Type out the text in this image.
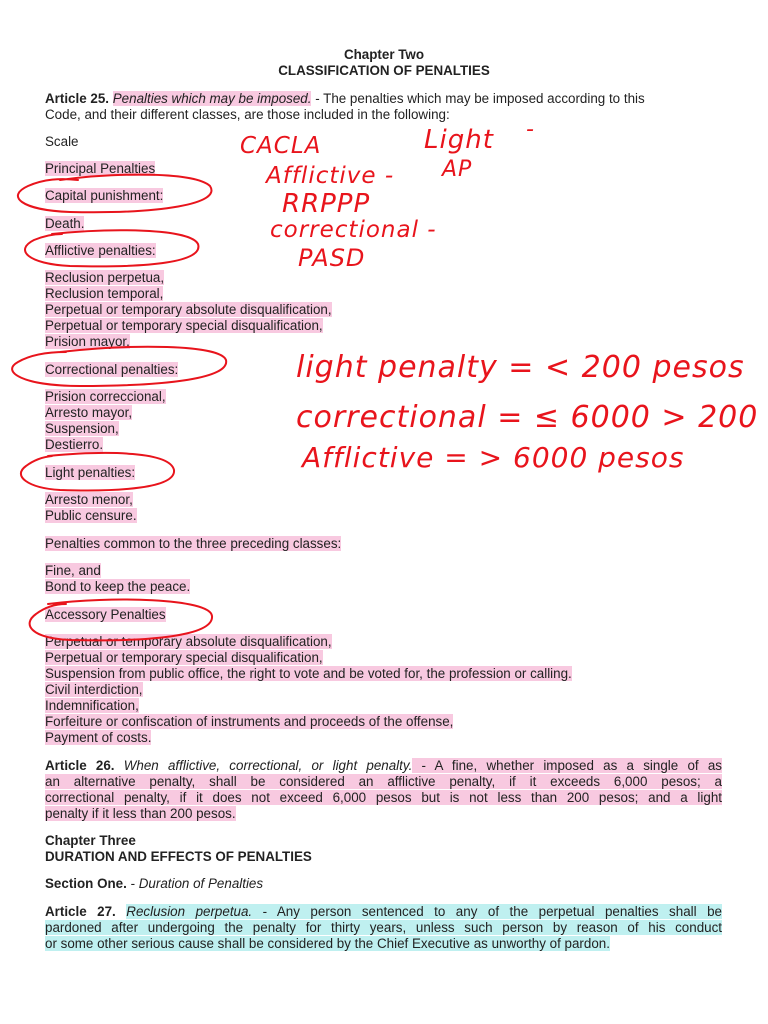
Chapter Two
CLASSIFICATION OF PENALTIES
Article 25. Penalties which may be imposed. - The penalties which may be imposed according to this
Code, and their different classes, are those included in the following:
Scale
Principal Penalties
Capital punishment:
Death.
Afflictive penalties:
Reclusion perpetua,
Reclusion temporal,
Perpetual or temporary absolute disqualification,
Perpetual or temporary special disqualification,
Prision mayor.
Correctional penalties:
Prision correccional,
Arresto mayor,
Suspension,
Destierro.
Light penalties:
Arresto menor,
Public censure.
Penalties common to the three preceding classes:
Fine, and
Bond to keep the peace.
Accessory Penalties
Perpetual or temporary absolute disqualification,
Perpetual or temporary special disqualification,
Suspension from public office, the right to vote and be voted for, the profession or calling.
Civil interdiction,
Indemnification,
Forfeiture or confiscation of instruments and proceeds of the offense,
Payment of costs.
Article 26. When afflictive, correctional, or light penalty. - A fine, whether imposed as a single of as
an alternative penalty, shall be considered an afflictive penalty, if it exceeds 6,000 pesos; a
correctional penalty, if it does not exceed 6,000 pesos but is not less than 200 pesos; and a light
penalty if it less than 200 pesos.
Chapter Three
DURATION AND EFFECTS OF PENALTIES
Section One. - Duration of Penalties
Article 27. Reclusion perpetua. - Any person sentenced to any of the perpetual penalties shall be
pardoned after undergoing the penalty for thirty years, unless such person by reason of his conduct
or some other serious cause shall be considered by the Chief Executive as unworthy of pardon.
CACLA	Light -
AP
Afflictive -
RRPPP
correctional -
PASD
light penalty = < 200 pesos
correctional = ≤ 6000 > 200
Afflictive = > 6000 pesos
